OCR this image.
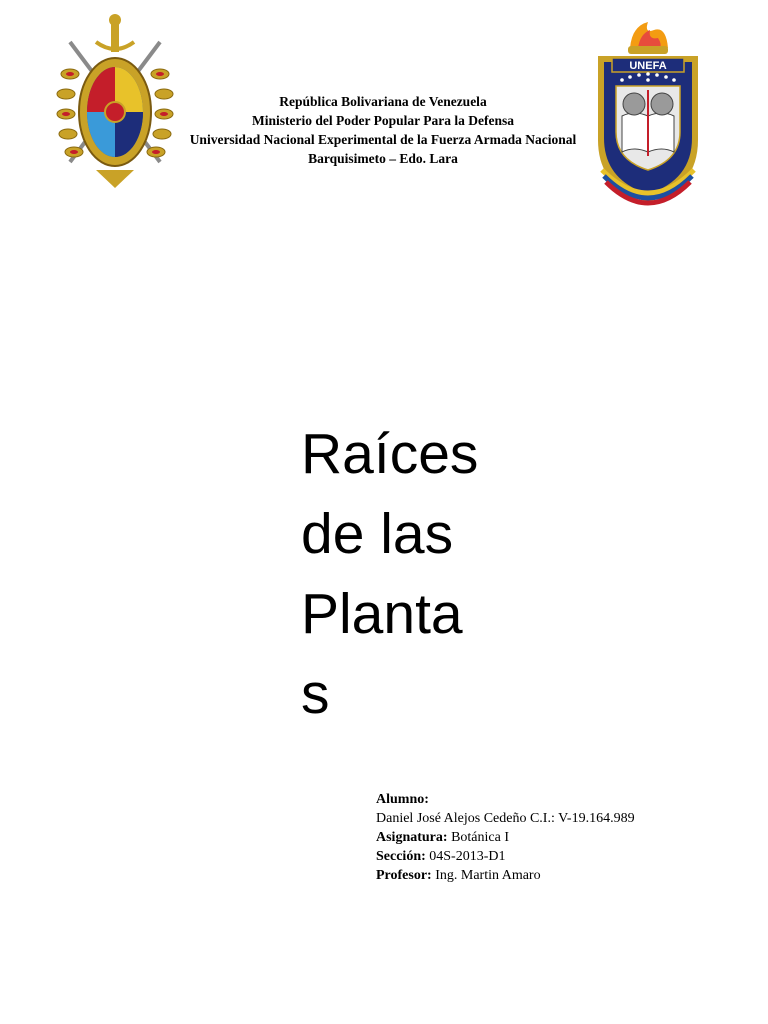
UNEFA
República Bolivariana de Venezuela
Ministerio del Poder Popular Para la Defensa
Universidad Nacional Experimental de la Fuerza Armada Nacional
Barquisimeto – Edo. Lara
Raíces
de las
Planta
s
Alumno:
Daniel José Alejos Cedeño C.I.: V-19.164.989
Asignatura: Botánica I
Sección: 04S-2013-D1
Profesor: Ing. Martin Amaro
